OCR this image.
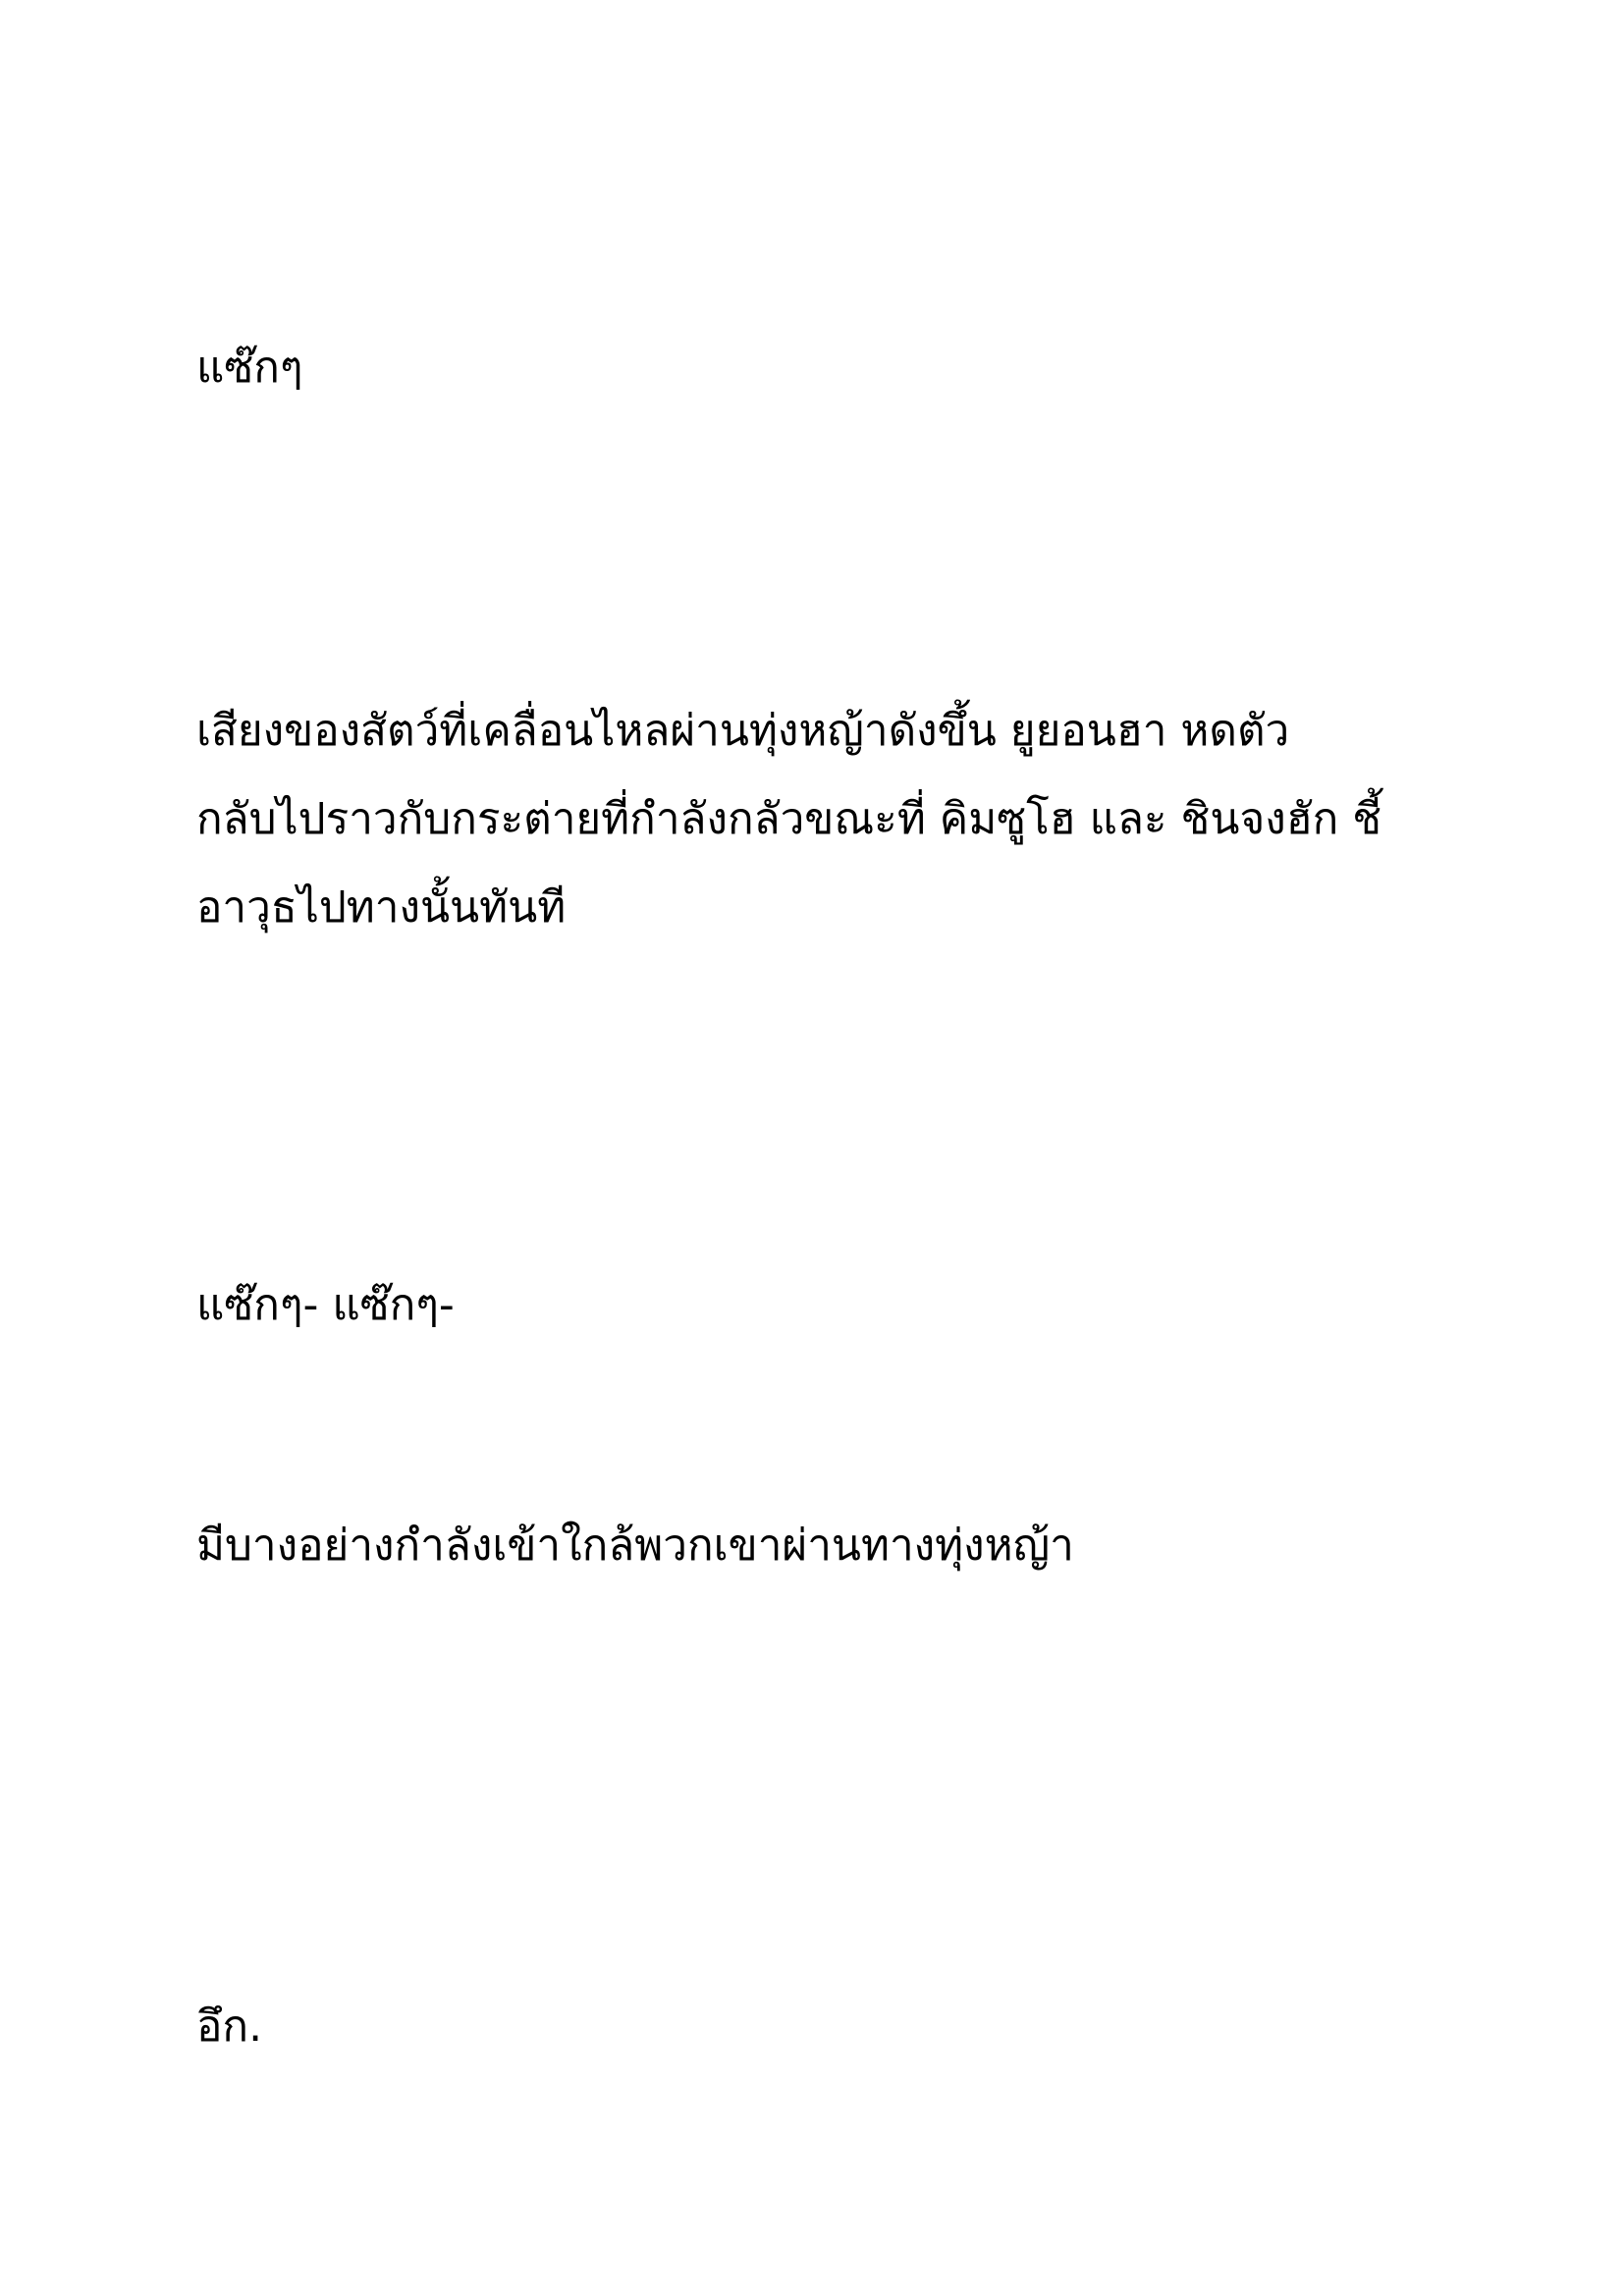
แซ๊กๆ

เสียงของสัตว์ที่เคลื่อนไหลผ่านทุ่งหญ้าดังขึ้น ยูยอนฮา หดตัว
กลับไปราวกับกระต่ายที่กำลังกลัวขณะที่ คิมซูโฮ และ ชินจงฮัก ชี้
อาวุธไปทางนั้นทันที

แซ๊กๆ- แซ๊กๆ-

มีบางอย่างกำลังเข้าใกล้พวกเขาผ่านทางทุ่งหญ้า

อึก.
